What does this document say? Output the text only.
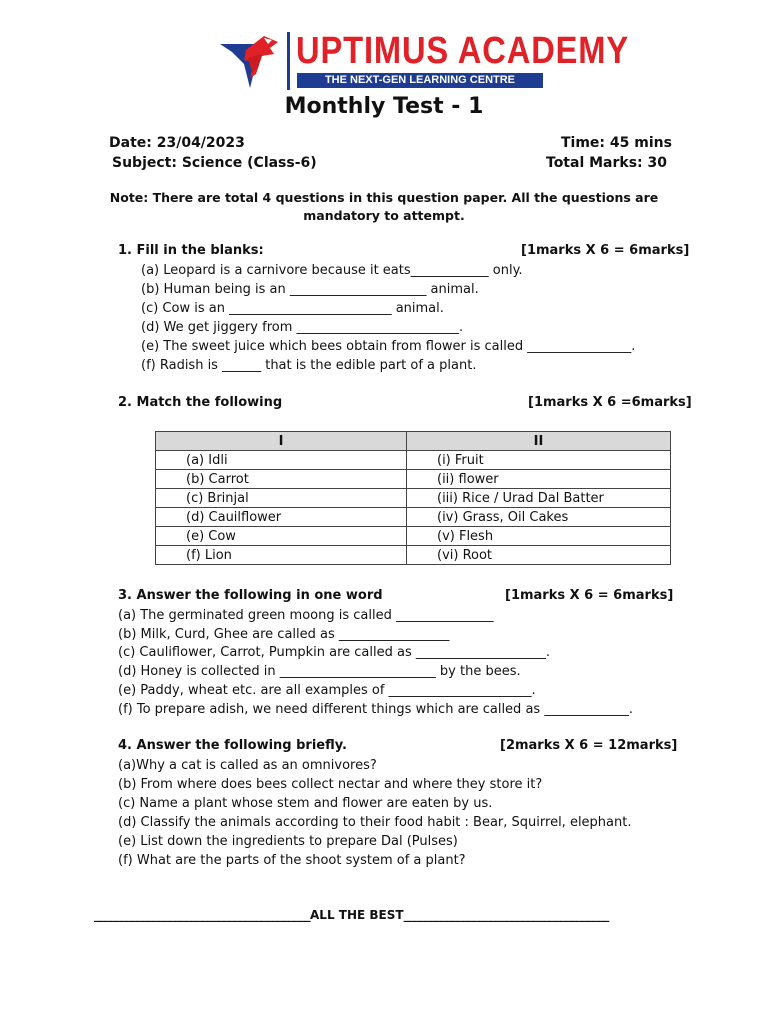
UPTIMUS ACADEMY
THE NEXT-GEN LEARNING CENTRE
Monthly Test - 1
Date: 23/04/2023	Time: 45 mins
Subject: Science (Class-6)	Total Marks: 30
Note: There are total 4 questions in this question paper. All the questions are
mandatory to attempt.
1. Fill in the blanks:	[1marks X 6 = 6marks]
(a) Leopard is a carnivore because it eats____________ only.
(b) Human being is an _____________________ animal.
(c) Cow is an _________________________ animal.
(d) We get jiggery from _________________________.
(e) The sweet juice which bees obtain from flower is called ________________.
(f) Radish is ______ that is the edible part of a plant.
2. Match the following	[1marks X 6 =6marks]
I	II
(a) Idli	(i) Fruit
(b) Carrot	(ii) flower
(c) Brinjal	(iii) Rice / Urad Dal Batter
(d) Cauilflower	(iv) Grass, Oil Cakes
(e) Cow	(v) Flesh
(f) Lion	(vi) Root
3. Answer the following in one word	[1marks X 6 = 6marks]
(a) The germinated green moong is called _______________
(b) Milk, Curd, Ghee are called as _________________
(c) Cauliflower, Carrot, Pumpkin are called as ____________________.
(d) Honey is collected in ________________________ by the bees.
(e) Paddy, wheat etc. are all examples of ______________________.
(f) To prepare adish, we need different things which are called as _____________.
4. Answer the following briefly.	[2marks X 6 = 12marks]
(a)Why a cat is called as an omnivores?
(b) From where does bees collect nectar and where they store it?
(c) Name a plant whose stem and flower are eaten by us.
(d) Classify the animals according to their food habit : Bear, Squirrel, elephant.
(e) List down the ingredients to prepare Dal (Pulses)
(f) What are the parts of the shoot system of a plant?
________________________________________ALL THE BEST______________________________________
